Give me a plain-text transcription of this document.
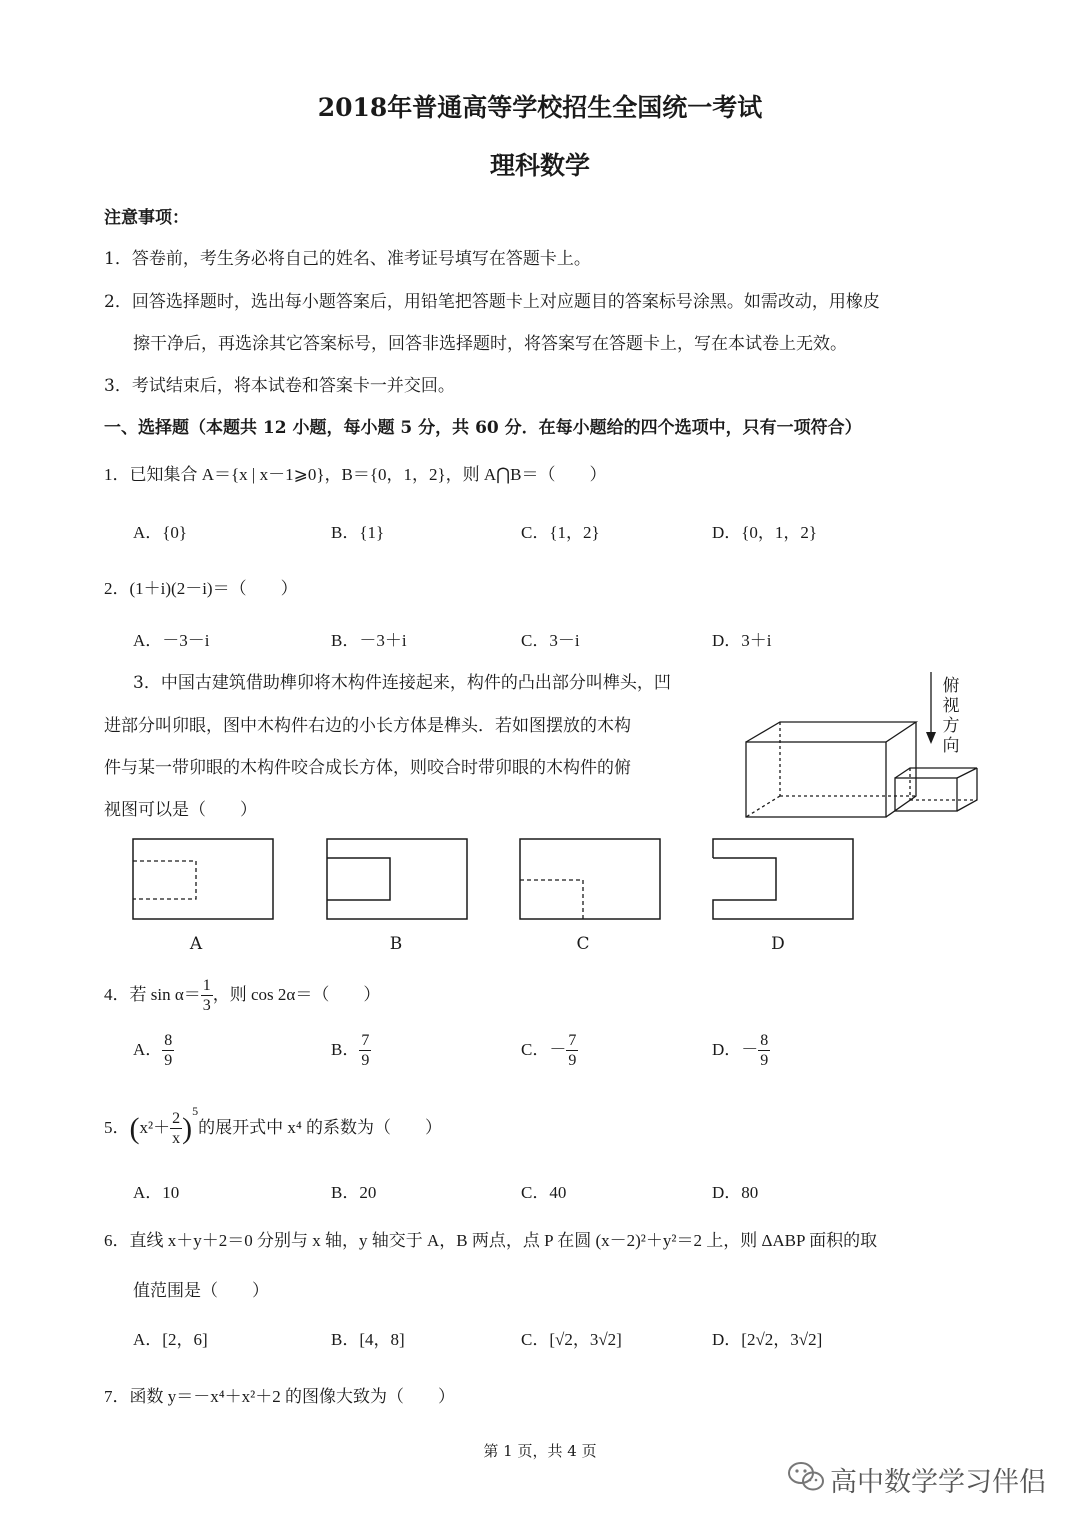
2018年普通高等学校招生全国统一考试
理科数学
注意事项：
1．答卷前，考生务必将自己的姓名、准考证号填写在答题卡上。
2．回答选择题时，选出每小题答案后，用铅笔把答题卡上对应题目的答案标号涂黑。如需改动，用橡皮
擦干净后，再选涂其它答案标号，回答非选择题时，将答案写在答题卡上，写在本试卷上无效。
3．考试结束后，将本试卷和答案卡一并交回。
一、选择题（本题共 12 小题，每小题 5 分，共 60 分．在每小题给的四个选项中，只有一项符合）
1．已知集合 A＝{x | x－1⩾0}，B＝{0，1，2}，则 A⋂B＝（　　）
A．{0}	B．{1}	C．{1，2}	D．{0，1，2}
2．(1＋i)(2－i)＝（　　）
A．－3－i	B．－3＋i	C．3－i	D．3＋i
3．中国古建筑借助榫卯将木构件连接起来，构件的凸出部分叫榫头，凹
进部分叫卯眼，图中木构件右边的小长方体是榫头．若如图摆放的木构
件与某一带卯眼的木构件咬合成长方体，则咬合时带卯眼的木构件的俯
视图可以是（　　）
俯
视
方
向
A	B	C	D
4．若 $\sin \alpha= \frac{1}{3}$ ，则 cos 2α＝（　　）
A． $\frac{8}{9}$	B． $\frac{7}{9}$	C．－ $\frac{7}{9}$	D．－ $\frac{8}{9}$
5．$(x^2+ \frac{2}{x} )^5$的展开式中 x⁴ 的系数为（　　）
A．10	B．20	C．40	D．80
6．直线 x＋y＋2＝0 分别与 x 轴，y 轴交于 A，B 两点，点 P 在圆 (x－2)²＋y²＝2 上，则 ΔABP 面积的取
值范围是（　　）
A．[2，6]	B．[4，8]	C．[√2，3√2]	D．[2√2，3√2]
7．函数 y＝－x⁴＋x²＋2 的图像大致为（　　）
第 1 页，共 4 页
高中数学学习伴侣
